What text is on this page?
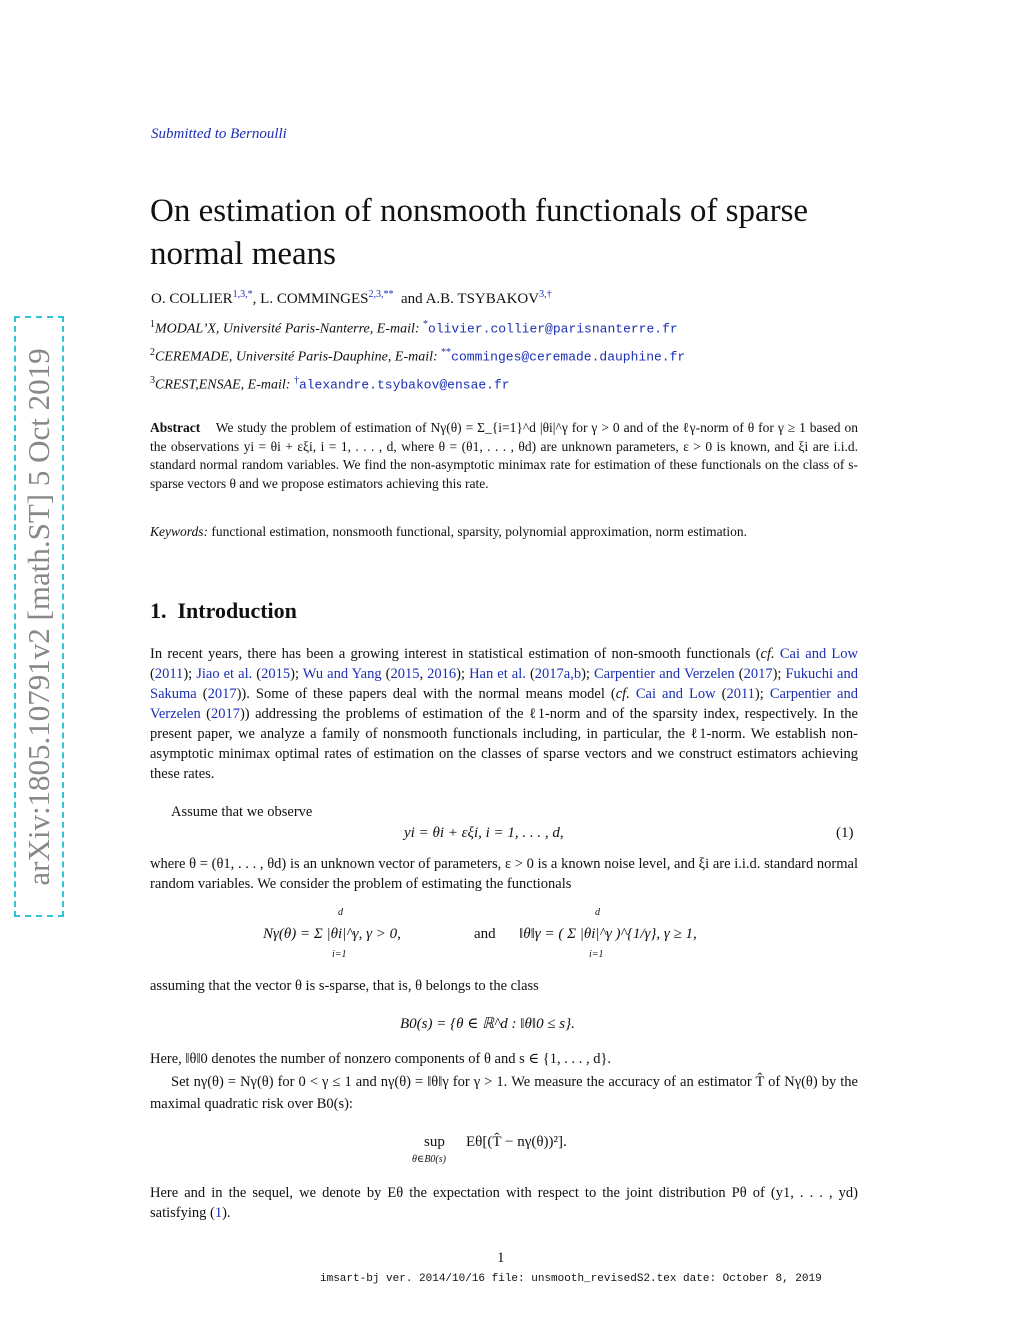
arXiv:1805.10791v2 [math.ST] 5 Oct 2019
Submitted to Bernoulli
On estimation of nonsmooth functionals of sparse normal means
O. $COLLIER^{1,3,*}$, L. $COMMINGES^{2,3,**}$ and A.B. $TSYBAKOV^{3,\dagger}$
$^1$MODAL’X, Université Paris-Nanterre, E-mail: *olivier.collier@parisnanterre.fr
$^2$CEREMADE, Université Paris-Dauphine, E-mail: **comminges@ceremade.dauphine.fr
$^3$CREST,ENSAE, E-mail: †alexandre.tsybakov@ensae.fr
Abstract We study the problem of estimation of Nγ(θ) = Σ_{i=1}^d |θi|^γ for γ > 0 and of the ℓγ-norm of θ for γ ≥ 1 based on the observations yi = θi + εξi, i = 1, . . . , d, where θ = (θ1, . . . , θd) are unknown parameters, ε > 0 is known, and ξi are i.i.d. standard normal random variables. We find the non-asymptotic minimax rate for estimation of these functionals on the class of s-sparse vectors θ and we propose estimators achieving this rate.
Keywords: functional estimation, nonsmooth functional, sparsity, polynomial approximation, norm estimation.
1. Introduction
In recent years, there has been a growing interest in statistical estimation of non-smooth functionals (cf. Cai and Low (2011); Jiao et al. (2015); Wu and Yang (2015, 2016); Han et al. (2017a,b); Carpentier and Verzelen (2017); Fukuchi and Sakuma (2017)). Some of these papers deal with the normal means model (cf. Cai and Low (2011); Carpentier and Verzelen (2017)) addressing the problems of estimation of the ℓ1-norm and of the sparsity index, respectively. In the present paper, we analyze a family of nonsmooth functionals including, in particular, the ℓ1-norm. We establish non-asymptotic minimax optimal rates of estimation on the classes of sparse vectors and we construct estimators achieving these rates.
Assume that we observe
yi = θi + εξi, i = 1, . . . , d,	(1)
where θ = (θ1, . . . , θd) is an unknown vector of parameters, ε > 0 is a known noise level, and ξi are i.i.d. standard normal random variables. We consider the problem of estimating the functionals
Nγ(θ) = Σ |θi|^γ, γ > 0,	and ‖θ‖γ = ( Σ |θi|^γ )^{1/γ}, γ ≥ 1,
d
i=1
d
i=1
assuming that the vector θ is s-sparse, that is, θ belongs to the class
B0(s) = {θ ∈ ℝ^d : ‖θ‖0 ≤ s}.
Here, ‖θ‖0 denotes the number of nonzero components of θ and s ∈ {1, . . . , d}.
Set nγ(θ) = Nγ(θ) for 0 < γ ≤ 1 and nγ(θ) = ‖θ‖γ for γ > 1. We measure the accuracy of an estimator T̂ of Nγ(θ) by the maximal quadratic risk over B0(s):
sup
θ∈B0(s)
Eθ[(T̂ − nγ(θ))²].
Here and in the sequel, we denote by Eθ the expectation with respect to the joint distribution Pθ of (y1, . . . , yd) satisfying (1).
1
imsart-bj ver. 2014/10/16 file: unsmooth_revisedS2.tex date: October 8, 2019
